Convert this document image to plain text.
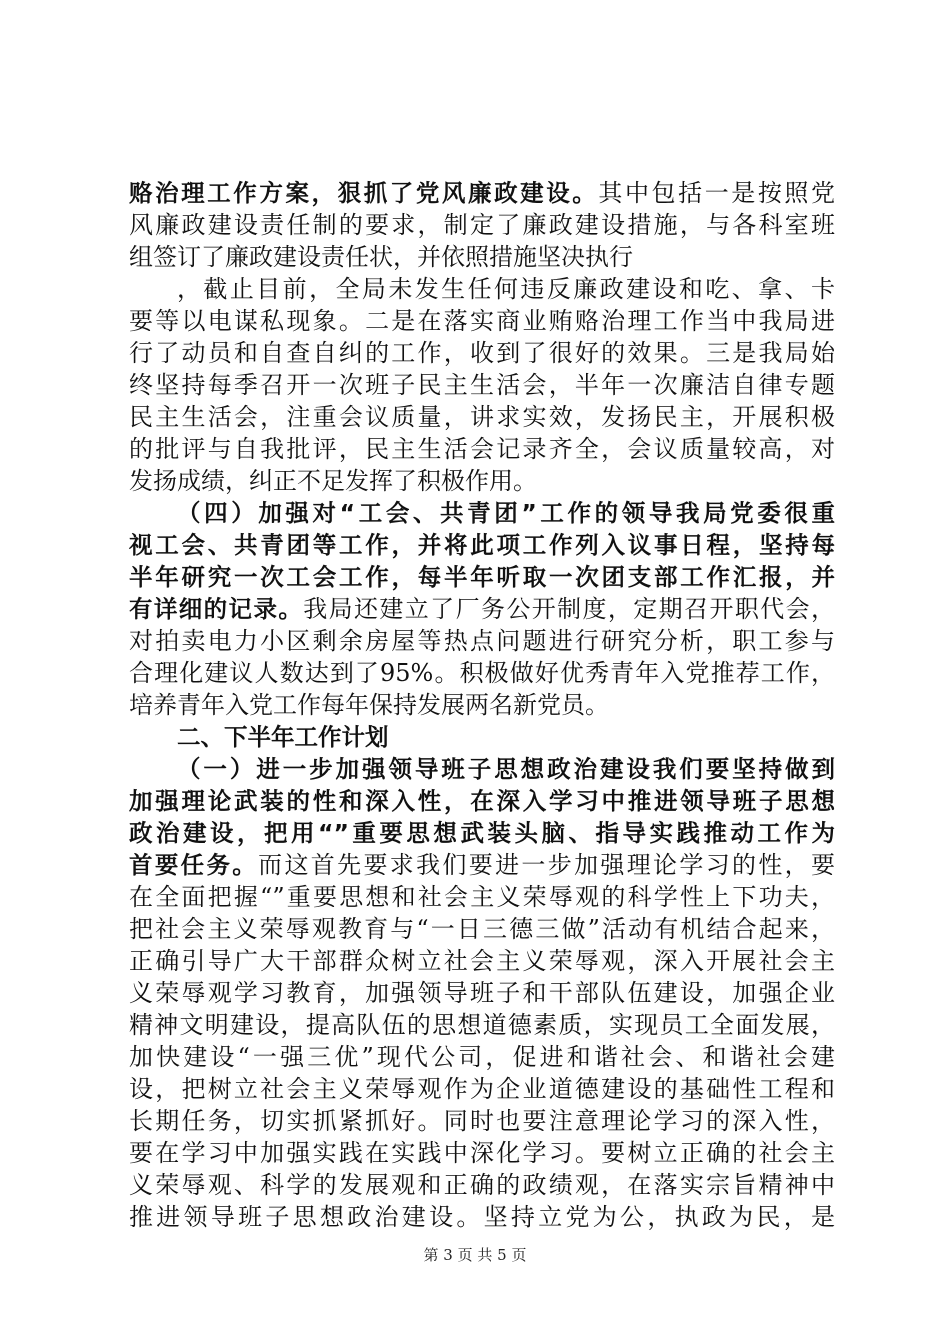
赂治理工作方案，狠抓了党风廉政建设。其中包括一是按照党
风廉政建设责任制的要求，制定了廉政建设措施，与各科室班
组签订了廉政建设责任状，并依照措施坚决执行
，截止目前，全局未发生任何违反廉政建设和吃、拿、卡
要等以电谋私现象。二是在落实商业贿赂治理工作当中我局进
行了动员和自查自纠的工作，收到了很好的效果。三是我局始
终坚持每季召开一次班子民主生活会，半年一次廉洁自律专题
民主生活会，注重会议质量，讲求实效，发扬民主，开展积极
的批评与自我批评，民主生活会记录齐全，会议质量较高，对
发扬成绩，纠正不足发挥了积极作用。
（四）加强对“工会、共青团”工作的领导我局党委很重
视工会、共青团等工作，并将此项工作列入议事日程，坚持每
半年研究一次工会工作，每半年听取一次团支部工作汇报，并
有详细的记录。我局还建立了厂务公开制度，定期召开职代会，
对拍卖电力小区剩余房屋等热点问题进行研究分析，职工参与
合理化建议人数达到了95%。积极做好优秀青年入党推荐工作，
培养青年入党工作每年保持发展两名新党员。
二、下半年工作计划
（一）进一步加强领导班子思想政治建设我们要坚持做到
加强理论武装的性和深入性，在深入学习中推进领导班子思想
政治建设，把用“”重要思想武装头脑、指导实践推动工作为
首要任务。而这首先要求我们要进一步加强理论学习的性，要
在全面把握“”重要思想和社会主义荣辱观的科学性上下功夫，
把社会主义荣辱观教育与“一日三德三做”活动有机结合起来，
正确引导广大干部群众树立社会主义荣辱观，深入开展社会主
义荣辱观学习教育，加强领导班子和干部队伍建设，加强企业
精神文明建设，提高队伍的思想道德素质，实现员工全面发展，
加快建设“一强三优”现代公司，促进和谐社会、和谐社会建
设，把树立社会主义荣辱观作为企业道德建设的基础性工程和
长期任务，切实抓紧抓好。同时也要注意理论学习的深入性，
要在学习中加强实践在实践中深化学习。要树立正确的社会主
义荣辱观、科学的发展观和正确的政绩观，在落实宗旨精神中
推进领导班子思想政治建设。坚持立党为公，执政为民，是
第 3 页 共 5 页
